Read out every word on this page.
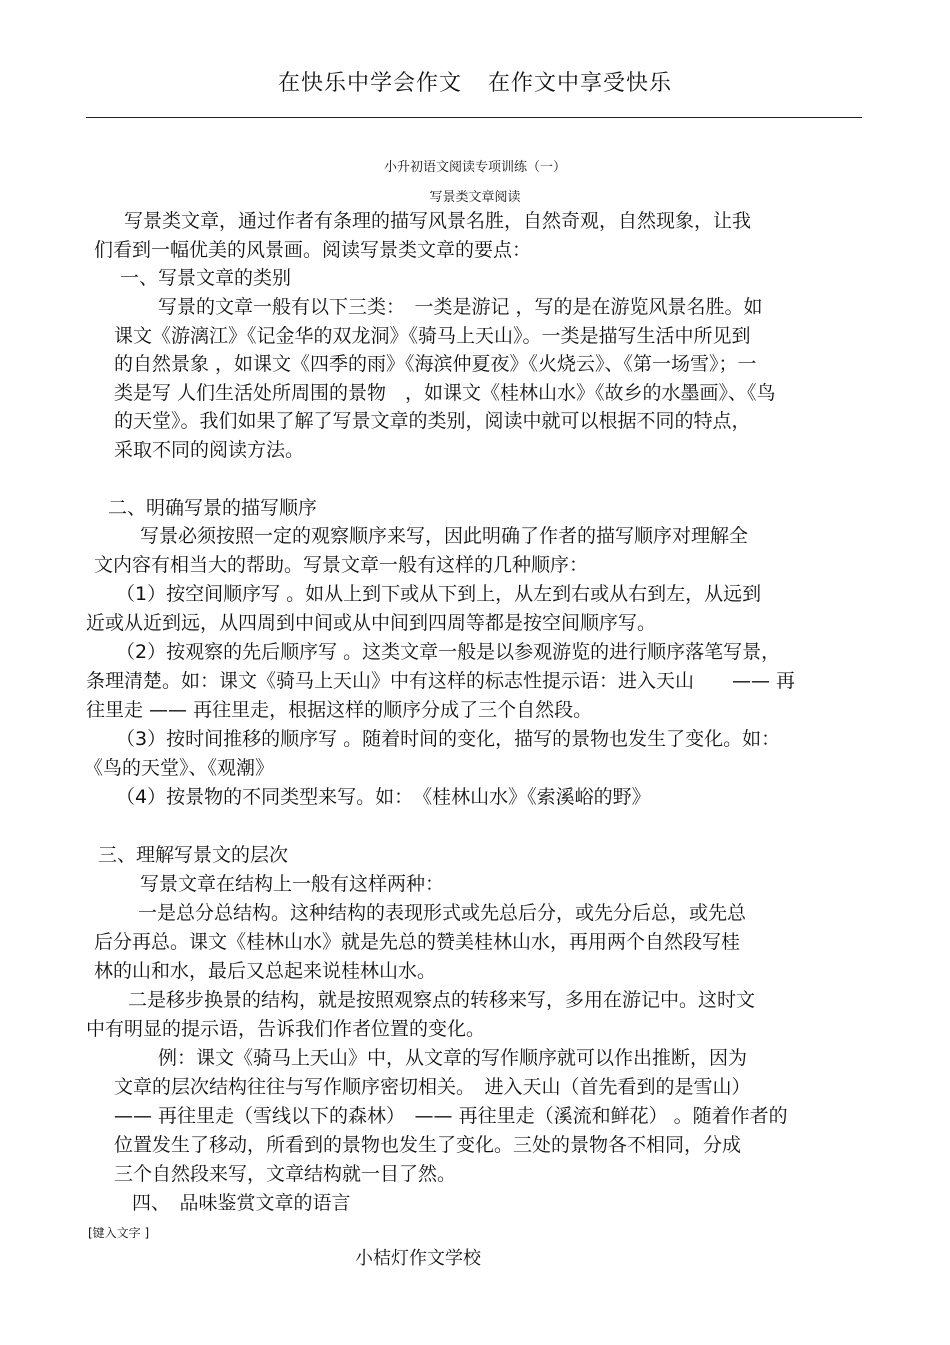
在快乐中学会作文 在作文中享受快乐
小升初语文阅读专项训练（一）
写景类文章阅读
写景类文章，通过作者有条理的描写风景名胜，自然奇观，自然现象，让我
们看到一幅优美的风景画。阅读写景类文章的要点：
一、写景文章的类别
写景的文章一般有以下三类：　一类是游记 ，写的是在游览风景名胜。如
课文《游漓江》《记金华的双龙洞》《骑马上天山》。一类是描写生活中所见到
的自然景象 ，如课文《四季的雨》《海滨仲夏夜》《火烧云》、《第一场雪》；一
类是写 人们生活处所周围的景物　，如课文《桂林山水》《故乡的水墨画》、《鸟
的天堂》。我们如果了解了写景文章的类别，阅读中就可以根据不同的特点，
采取不同的阅读方法。
二、明确写景的描写顺序
写景必须按照一定的观察顺序来写，因此明确了作者的描写顺序对理解全
文内容有相当大的帮助。写景文章一般有这样的几种顺序：
（1）按空间顺序写 。如从上到下或从下到上，从左到右或从右到左，从远到
近或从近到远，从四周到中间或从中间到四周等都是按空间顺序写。
（2）按观察的先后顺序写 。这类文章一般是以参观游览的进行顺序落笔写景，
条理清楚。如：课文《骑马上天山》中有这样的标志性提示语：进入天山　　—— 再
往里走 —— 再往里走，根据这样的顺序分成了三个自然段。
（3）按时间推移的顺序写 。随着时间的变化，描写的景物也发生了变化。如：
《鸟的天堂》、《观潮》
（4）按景物的不同类型来写。如：　《桂林山水》《索溪峪的野》
三、理解写景文的层次
写景文章在结构上一般有这样两种：
一是总分总结构。这种结构的表现形式或先总后分，或先分后总，或先总
后分再总。课文《桂林山水》就是先总的赞美桂林山水，再用两个自然段写桂
林的山和水，最后又总起来说桂林山水。
二是移步换景的结构，就是按照观察点的转移来写，多用在游记中。这时文
中有明显的提示语，告诉我们作者位置的变化。
例：课文《骑马上天山》中，从文章的写作顺序就可以作出推断，因为
文章的层次结构往往与写作顺序密切相关。　进入天山（首先看到的是雪山）
—— 再往里走（雪线以下的森林）　—— 再往里走（溪流和鲜花） 。随着作者的
位置发生了移动，所看到的景物也发生了变化。三处的景物各不相同，分成
三个自然段来写，文章结构就一目了然。
四、　品味鉴赏文章的语言
[键入文字 ]
小桔灯作文学校
